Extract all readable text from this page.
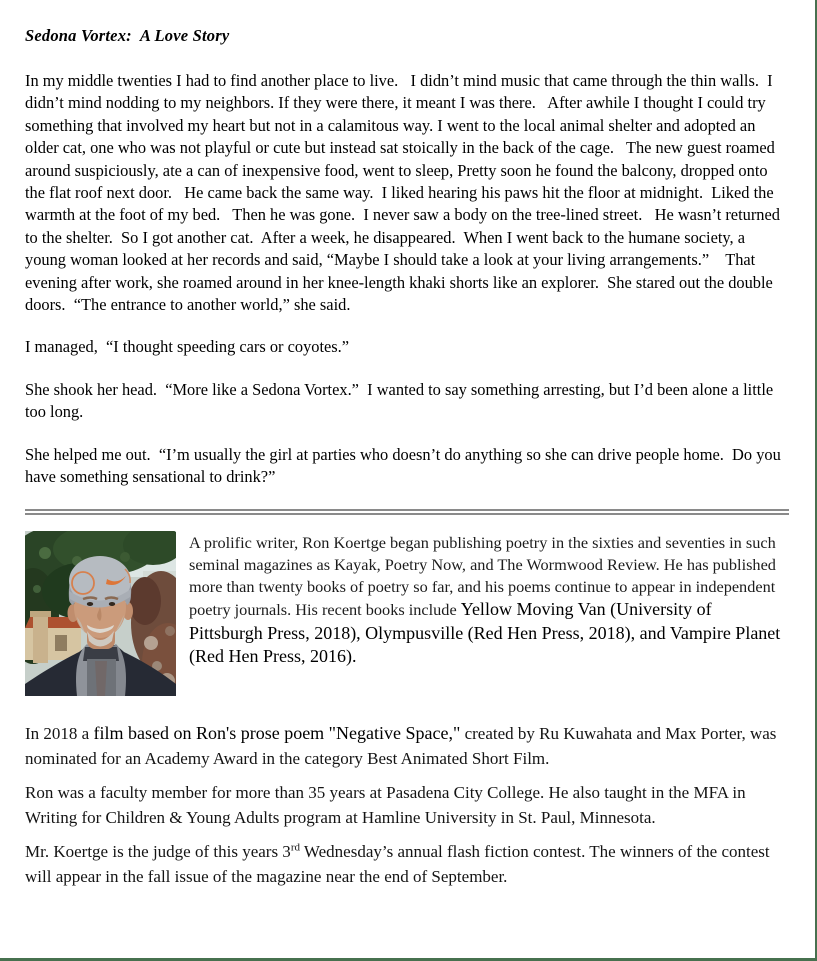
Sedona Vortex:  A Love Story

In my middle twenties I had to find another place to live.   I didn’t mind music that came through the thin walls.  I didn’t mind nodding to my neighbors. If they were there, it meant I was there.   After awhile I thought I could try something that involved my heart but not in a calamitous way. I went to the local animal shelter and adopted an older cat, one who was not playful or cute but instead sat stoically in the back of the cage.   The new guest roamed around suspiciously, ate a can of inexpensive food, went to sleep, Pretty soon he found the balcony, dropped onto the flat roof next door.   He came back the same way.  I liked hearing his paws hit the floor at midnight.  Liked the warmth at the foot of my bed.   Then he was gone.  I never saw a body on the tree-lined street.   He wasn’t returned to the shelter.  So I got another cat.  After a week, he disappeared.  When I went back to the humane society, a young woman looked at her records and said, “Maybe I should take a look at your living arrangements.”    That evening after work, she roamed around in her knee-length khaki shorts like an explorer.  She stared out the double doors.  “The entrance to another world,” she said.

I managed,  “I thought speeding cars or coyotes.”

She shook her head.  “More like a Sedona Vortex.”  I wanted to say something arresting, but I’d been alone a little too long.

She helped me out.  “I’m usually the girl at parties who doesn’t do anything so she can drive people home.  Do you have something sensational to drink?”

A prolific writer, Ron Koertge began publishing poetry in the sixties and seventies in such seminal magazines as Kayak, Poetry Now, and The Wormwood Review. He has published more than twenty books of poetry so far, and his poems continue to appear in independent poetry journals. His recent books include Yellow Moving Van (University of Pittsburgh Press, 2018), Olympusville (Red Hen Press, 2018), and Vampire Planet (Red Hen Press, 2016).

In 2018 a film based on Ron's prose poem "Negative Space," created by Ru Kuwahata and Max Porter, was nominated for an Academy Award in the category Best Animated Short Film.

Ron was a faculty member for more than 35 years at Pasadena City College. He also taught in the MFA in Writing for Children & Young Adults program at Hamline University in St. Paul, Minnesota.

Mr. Koertge is the judge of this years 3rd Wednesday’s annual flash fiction contest. The winners of the contest will appear in the fall issue of the magazine near the end of September.
